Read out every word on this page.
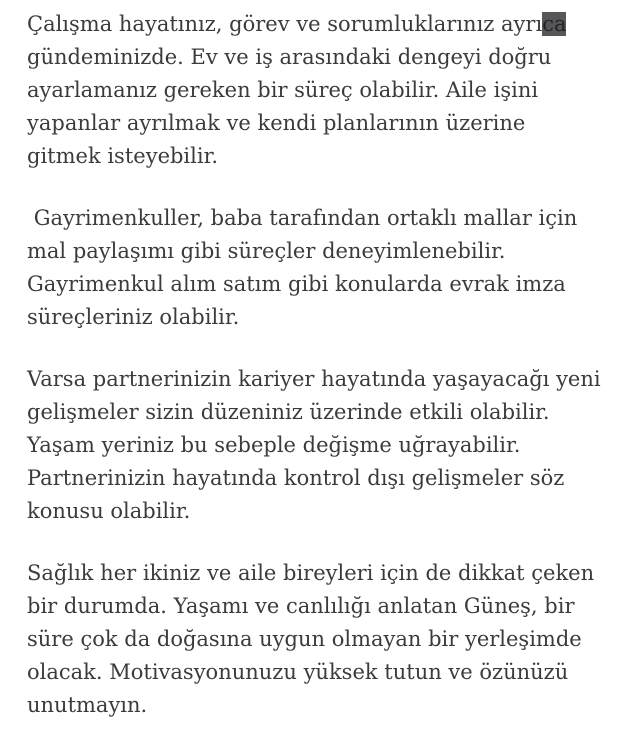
Çalışma hayatınız, görev ve sorumluklarınız ayrıca gündeminizde. Ev ve iş arasındaki dengeyi doğru ayarlamanız gereken bir süreç olabilir. Aile işini yapanlar ayrılmak ve kendi planlarının üzerine gitmek isteyebilir.

Gayrimenkuller, baba tarafından ortaklı mallar için mal paylaşımı gibi süreçler deneyimlenebilir. Gayrimenkul alım satım gibi konularda evrak imza süreçleriniz olabilir.

Varsa partnerinizin kariyer hayatında yaşayacağı yeni gelişmeler sizin düzeniniz üzerinde etkili olabilir. Yaşam yeriniz bu sebeple değişme uğrayabilir. Partnerinizin hayatında kontrol dışı gelişmeler söz konusu olabilir.

Sağlık her ikiniz ve aile bireyleri için de dikkat çeken bir durumda. Yaşamı ve canlılığı anlatan Güneş, bir süre çok da doğasına uygun olmayan bir yerleşimde olacak. Motivasyonunuzu yüksek tutun ve özünüzü unutmayın.
